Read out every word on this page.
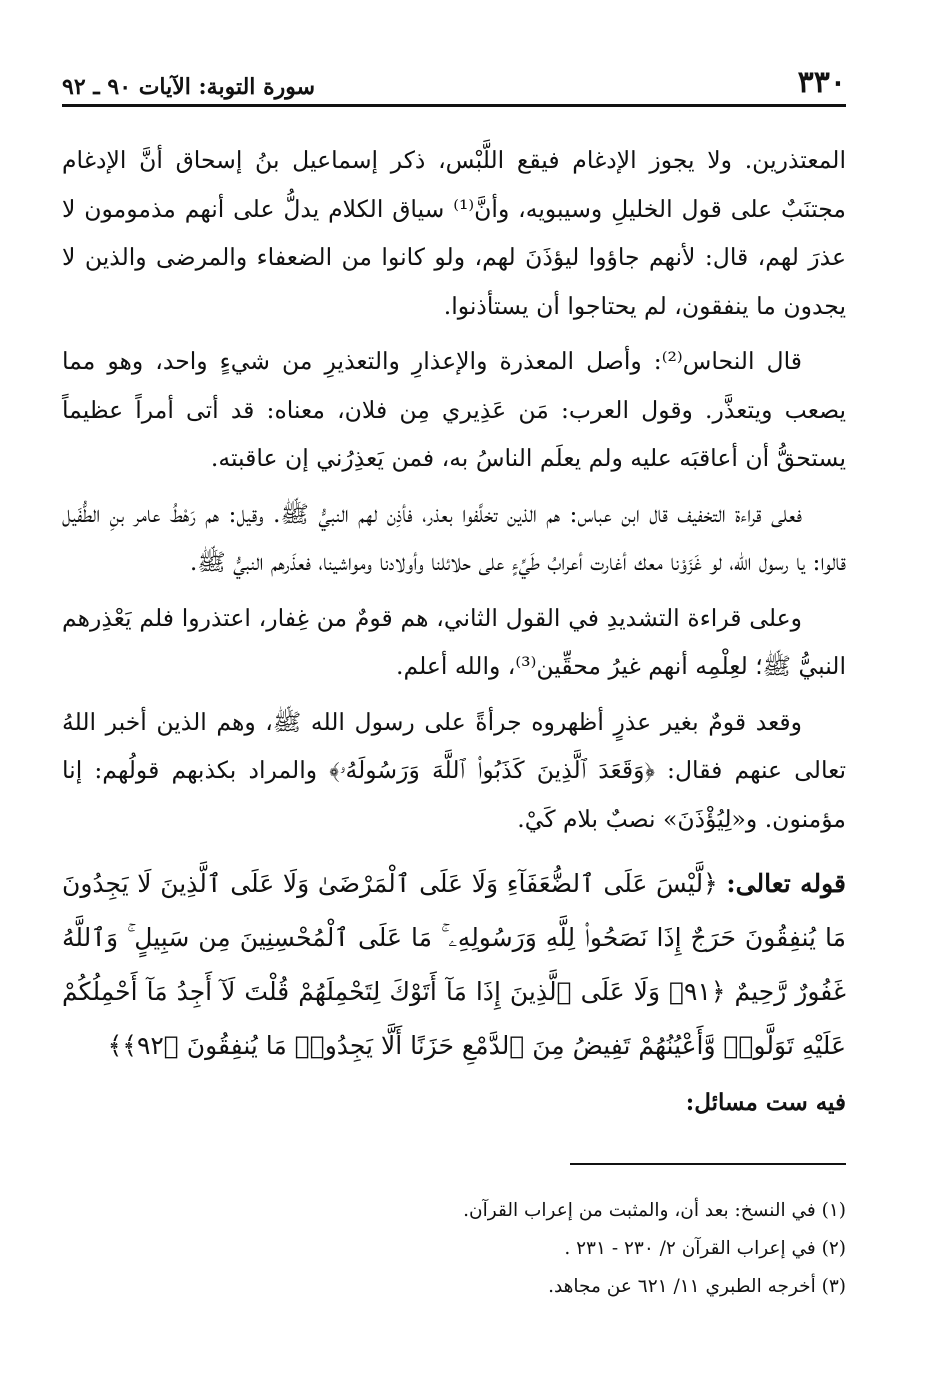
٣٣٠
سورة التوبة: الآيات ٩٠ ـ ٩٢

المعتذرين. ولا يجوز الإدغام فيقع اللَّبْس، ذكر إسماعيل بنُ إسحاق أنَّ الإدغام مجتنَبٌ على قول الخليلِ وسيبويه، وأنَّ⁽¹⁾ سياق الكلام يدلُّ على أنهم مذمومون لا عذرَ لهم، قال: لأنهم جاؤوا ليؤذَنَ لهم، ولو كانوا من الضعفاء والمرضى والذين لا يجدون ما ينفقون، لم يحتاجوا أن يستأذنوا.

قال النحاس⁽²⁾: وأصل المعذرة والإعذارِ والتعذيرِ من شيءٍ واحد، وهو مما يصعب ويتعذَّر. وقول العرب: مَن عَذِيري مِن فلان، معناه: قد أتى أمراً عظيماً يستحقُّ أن أعاقبَه عليه ولم يعلَم الناسُ به، فمن يَعذِرُني إن عاقبته.

فعلى قراءة التخفيف قال ابن عباس: هم الذين تخلَّفوا بعذر، فأذِن لهم النبيُّ ﷺ. وقيل: هم رَهْطُ عامر بنِ الطُّفَيل قالوا: يا رسول الله، لو غَزَوْنا معك أغارت أعرابُ طَيِّءٍ على حلائلنا وأولادنا ومواشينا، فعذَرهم النبيُّ ﷺ.

وعلى قراءة التشديدِ في القول الثاني، هم قومٌ من غِفار، اعتذروا فلم يَعْذِرهم النبيُّ ﷺ؛ لعِلْمِه أنهم غيرُ محقِّين⁽³⁾، والله أعلم.

وقعد قومٌ بغير عذرٍ أظهروه جرأةً على رسول الله ﷺ، وهم الذين أخبر اللهُ تعالى عنهم فقال: ﴿وَقَعَدَ ٱلَّذِينَ كَذَبُوا۟ ٱللَّهَ وَرَسُولَهُۥ﴾ والمراد بكذبهم قولُهم: إنا مؤمنون. و«لِيُؤْذَنَ» نصبٌ بلام كَيْ.

قوله تعالى: ﴿لَّيْسَ عَلَى ٱلضُّعَفَآءِ وَلَا عَلَى ٱلْمَرْضَىٰ وَلَا عَلَى ٱلَّذِينَ لَا يَجِدُونَ مَا يُنفِقُونَ حَرَجٌ إِذَا نَصَحُوا۟ لِلَّهِ وَرَسُولِهِۦ ۚ مَا عَلَى ٱلْمُحْسِنِينَ مِن سَبِيلٍ ۚ وَٱللَّهُ غَفُورٌ رَّحِيمٌ ﴿٩١﴾ وَلَا عَلَى ٱلَّذِينَ إِذَا مَآ أَتَوْكَ لِتَحْمِلَهُمْ قُلْتَ لَآ أَجِدُ مَآ أَحْمِلُكُمْ عَلَيْهِ تَوَلَّوا۟ وَّأَعْيُنُهُمْ تَفِيضُ مِنَ ٱلدَّمْعِ حَزَنًا أَلَّا يَجِدُوا۟ مَا يُنفِقُونَ ﴿٩٢﴾﴾

فيه ست مسائل:

(١) في النسخ: بعد أن، والمثبت من إعراب القرآن.

(٢) في إعراب القرآن ٢/ ٢٣٠ - ٢٣١ .

(٣) أخرجه الطبري ١١/ ٦٢١ عن مجاهد.
